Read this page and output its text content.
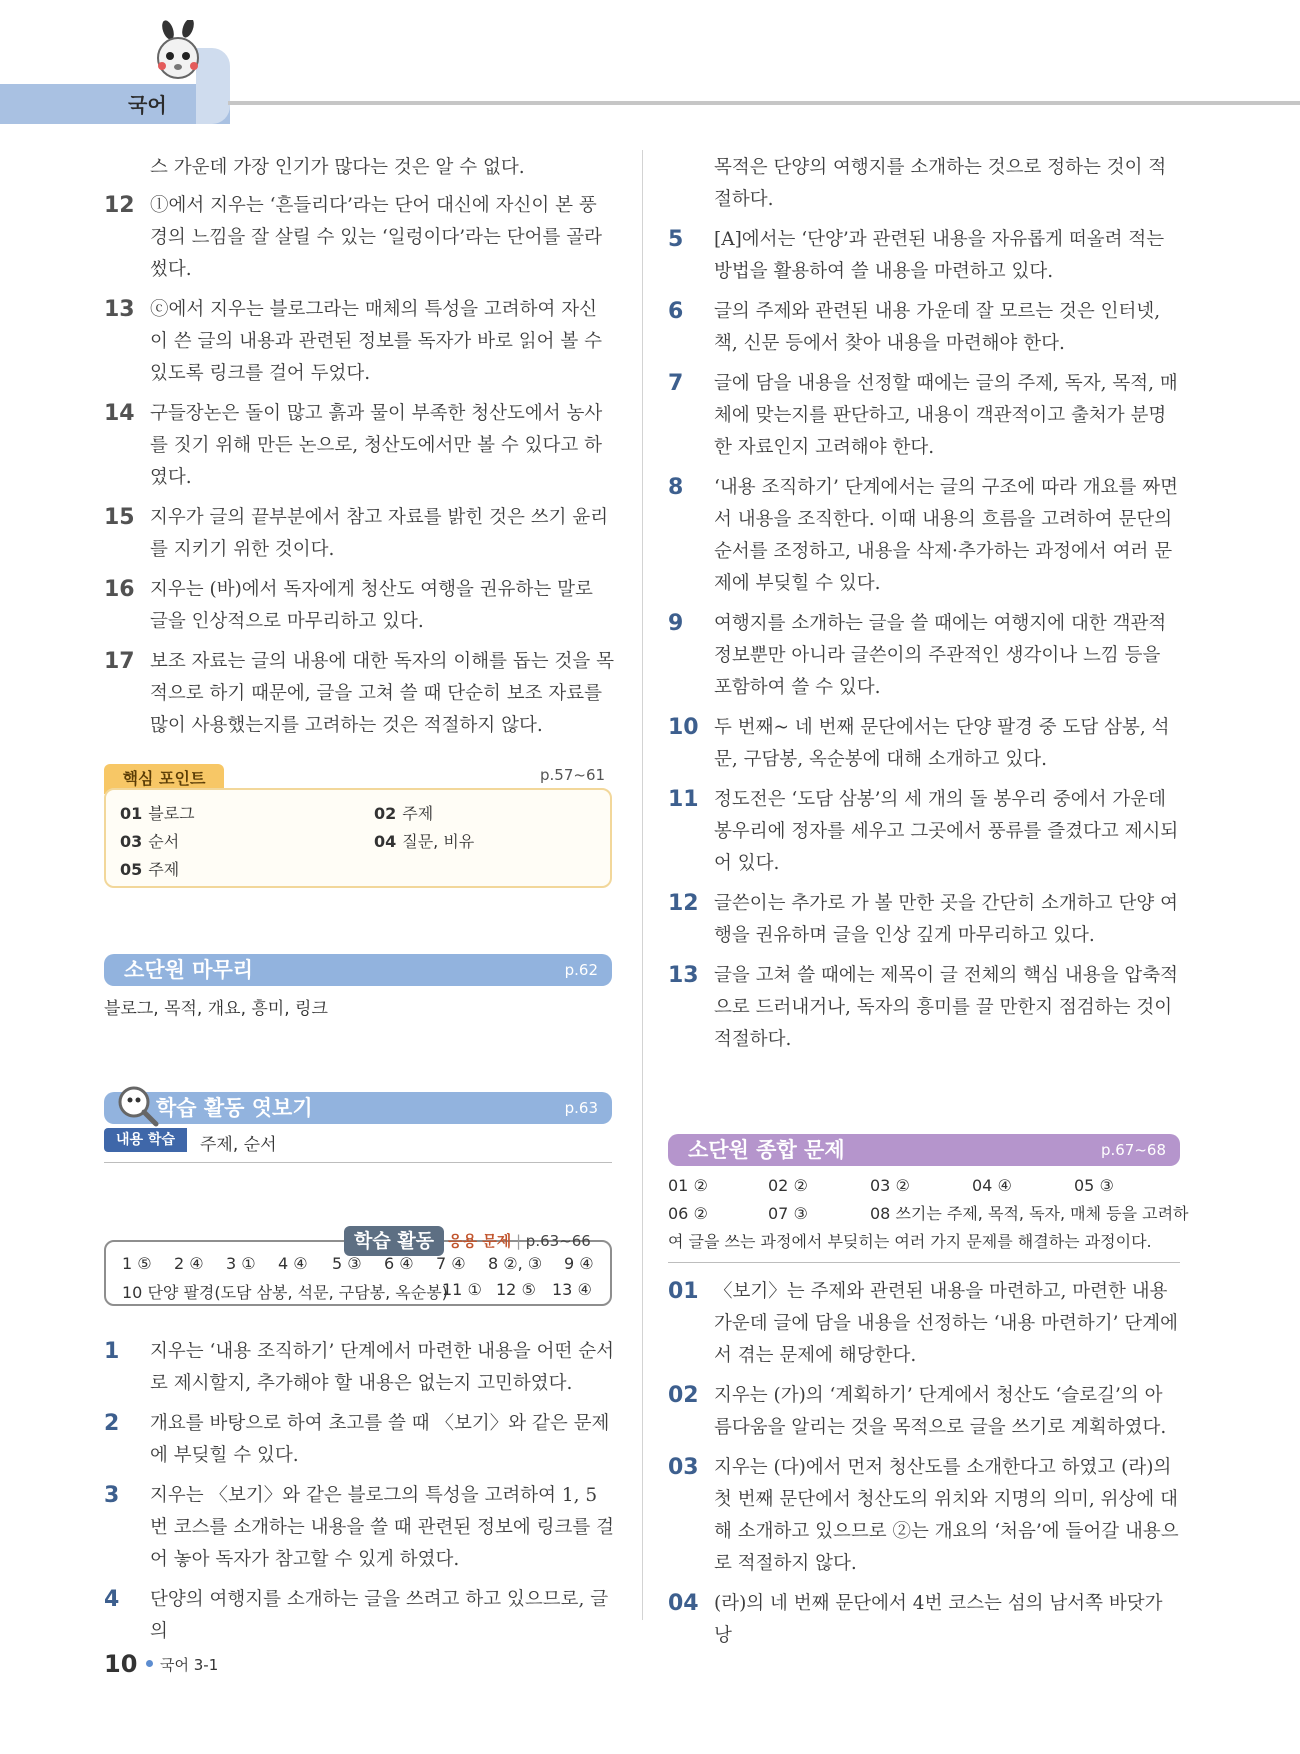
국어
스 가운데 가장 인기가 많다는 것은 알 수 없다.
12 ⓛ에서 지우는 ‘흔들리다’라는 단어 대신에 자신이 본 풍경의 느낌을 잘 살릴 수 있는 ‘일렁이다’라는 단어를 골라 썼다.
13 ⓒ에서 지우는 블로그라는 매체의 특성을 고려하여 자신이 쓴 글의 내용과 관련된 정보를 독자가 바로 읽어 볼 수 있도록 링크를 걸어 두었다.
14 구들장논은 돌이 많고 흙과 물이 부족한 청산도에서 농사를 짓기 위해 만든 논으로, 청산도에서만 볼 수 있다고 하였다.
15 지우가 글의 끝부분에서 참고 자료를 밝힌 것은 쓰기 윤리를 지키기 위한 것이다.
16 지우는 (바)에서 독자에게 청산도 여행을 권유하는 말로 글을 인상적으로 마무리하고 있다.
17 보조 자료는 글의 내용에 대한 독자의 이해를 돕는 것을 목적으로 하기 때문에, 글을 고쳐 쓸 때 단순히 보조 자료를 많이 사용했는지를 고려하는 것은 적절하지 않다.
핵심 포인트	p.57~61
01 블로그	02 주제
03 순서	04 질문, 비유
05 주제
소단원 마무리	p.62
블로그, 목적, 개요, 흥미, 링크
학습 활동 엿보기	p.63
내용 학습	주제, 순서
학습 활동 응용 문제 | p.63~66
1 ⑤ 2 ④ 3 ① 4 ④ 5 ③ 6 ④ 7 ④ 8 ②, ③ 9 ④
10 단양 팔경(도담 삼봉, 석문, 구담봉, 옥순봉)
11 ① 12 ⑤ 13 ④
1 지우는 ‘내용 조직하기’ 단계에서 마련한 내용을 어떤 순서로 제시할지, 추가해야 할 내용은 없는지 고민하였다.
2 개요를 바탕으로 하여 초고를 쓸 때 〈보기〉와 같은 문제에 부딪힐 수 있다.
3 지우는 〈보기〉와 같은 블로그의 특성을 고려하여 1, 5번 코스를 소개하는 내용을 쓸 때 관련된 정보에 링크를 걸어 놓아 독자가 참고할 수 있게 하였다.
4 단양의 여행지를 소개하는 글을 쓰려고 하고 있으므로, 글의
목적은 단양의 여행지를 소개하는 것으로 정하는 것이 적절하다.
5 [A]에서는 ‘단양’과 관련된 내용을 자유롭게 떠올려 적는 방법을 활용하여 쓸 내용을 마련하고 있다.
6 글의 주제와 관련된 내용 가운데 잘 모르는 것은 인터넷, 책, 신문 등에서 찾아 내용을 마련해야 한다.
7 글에 담을 내용을 선정할 때에는 글의 주제, 독자, 목적, 매체에 맞는지를 판단하고, 내용이 객관적이고 출처가 분명한 자료인지 고려해야 한다.
8 ‘내용 조직하기’ 단계에서는 글의 구조에 따라 개요를 짜면서 내용을 조직한다. 이때 내용의 흐름을 고려하여 문단의 순서를 조정하고, 내용을 삭제·추가하는 과정에서 여러 문제에 부딪힐 수 있다.
9 여행지를 소개하는 글을 쓸 때에는 여행지에 대한 객관적 정보뿐만 아니라 글쓴이의 주관적인 생각이나 느낌 등을 포함하여 쓸 수 있다.
10 두 번째~ 네 번째 문단에서는 단양 팔경 중 도담 삼봉, 석문, 구담봉, 옥순봉에 대해 소개하고 있다.
11 정도전은 ‘도담 삼봉’의 세 개의 돌 봉우리 중에서 가운데 봉우리에 정자를 세우고 그곳에서 풍류를 즐겼다고 제시되어 있다.
12 글쓴이는 추가로 가 볼 만한 곳을 간단히 소개하고 단양 여행을 권유하며 글을 인상 깊게 마무리하고 있다.
13 글을 고쳐 쓸 때에는 제목이 글 전체의 핵심 내용을 압축적으로 드러내거나, 독자의 흥미를 끌 만한지 점검하는 것이 적절하다.
소단원 종합 문제	p.67~68
01 ②	02 ②	03 ②	04 ④	05 ③
06 ②	07 ③	08 쓰기는 주제, 목적, 독자, 매체 등을 고려하
여 글을 쓰는 과정에서 부딪히는 여러 가지 문제를 해결하는 과정이다.
01 〈보기〉는 주제와 관련된 내용을 마련하고, 마련한 내용 가운데 글에 담을 내용을 선정하는 ‘내용 마련하기’ 단계에서 겪는 문제에 해당한다.
02 지우는 (가)의 ‘계획하기’ 단계에서 청산도 ‘슬로길’의 아름다움을 알리는 것을 목적으로 글을 쓰기로 계획하였다.
03 지우는 (다)에서 먼저 청산도를 소개한다고 하였고 (라)의 첫 번째 문단에서 청산도의 위치와 지명의 의미, 위상에 대해 소개하고 있으므로 ②는 개요의 ‘처음’에 들어갈 내용으로 적절하지 않다.
04 (라)의 네 번째 문단에서 4번 코스는 섬의 남서쪽 바닷가 낭
10 국어 3-1
